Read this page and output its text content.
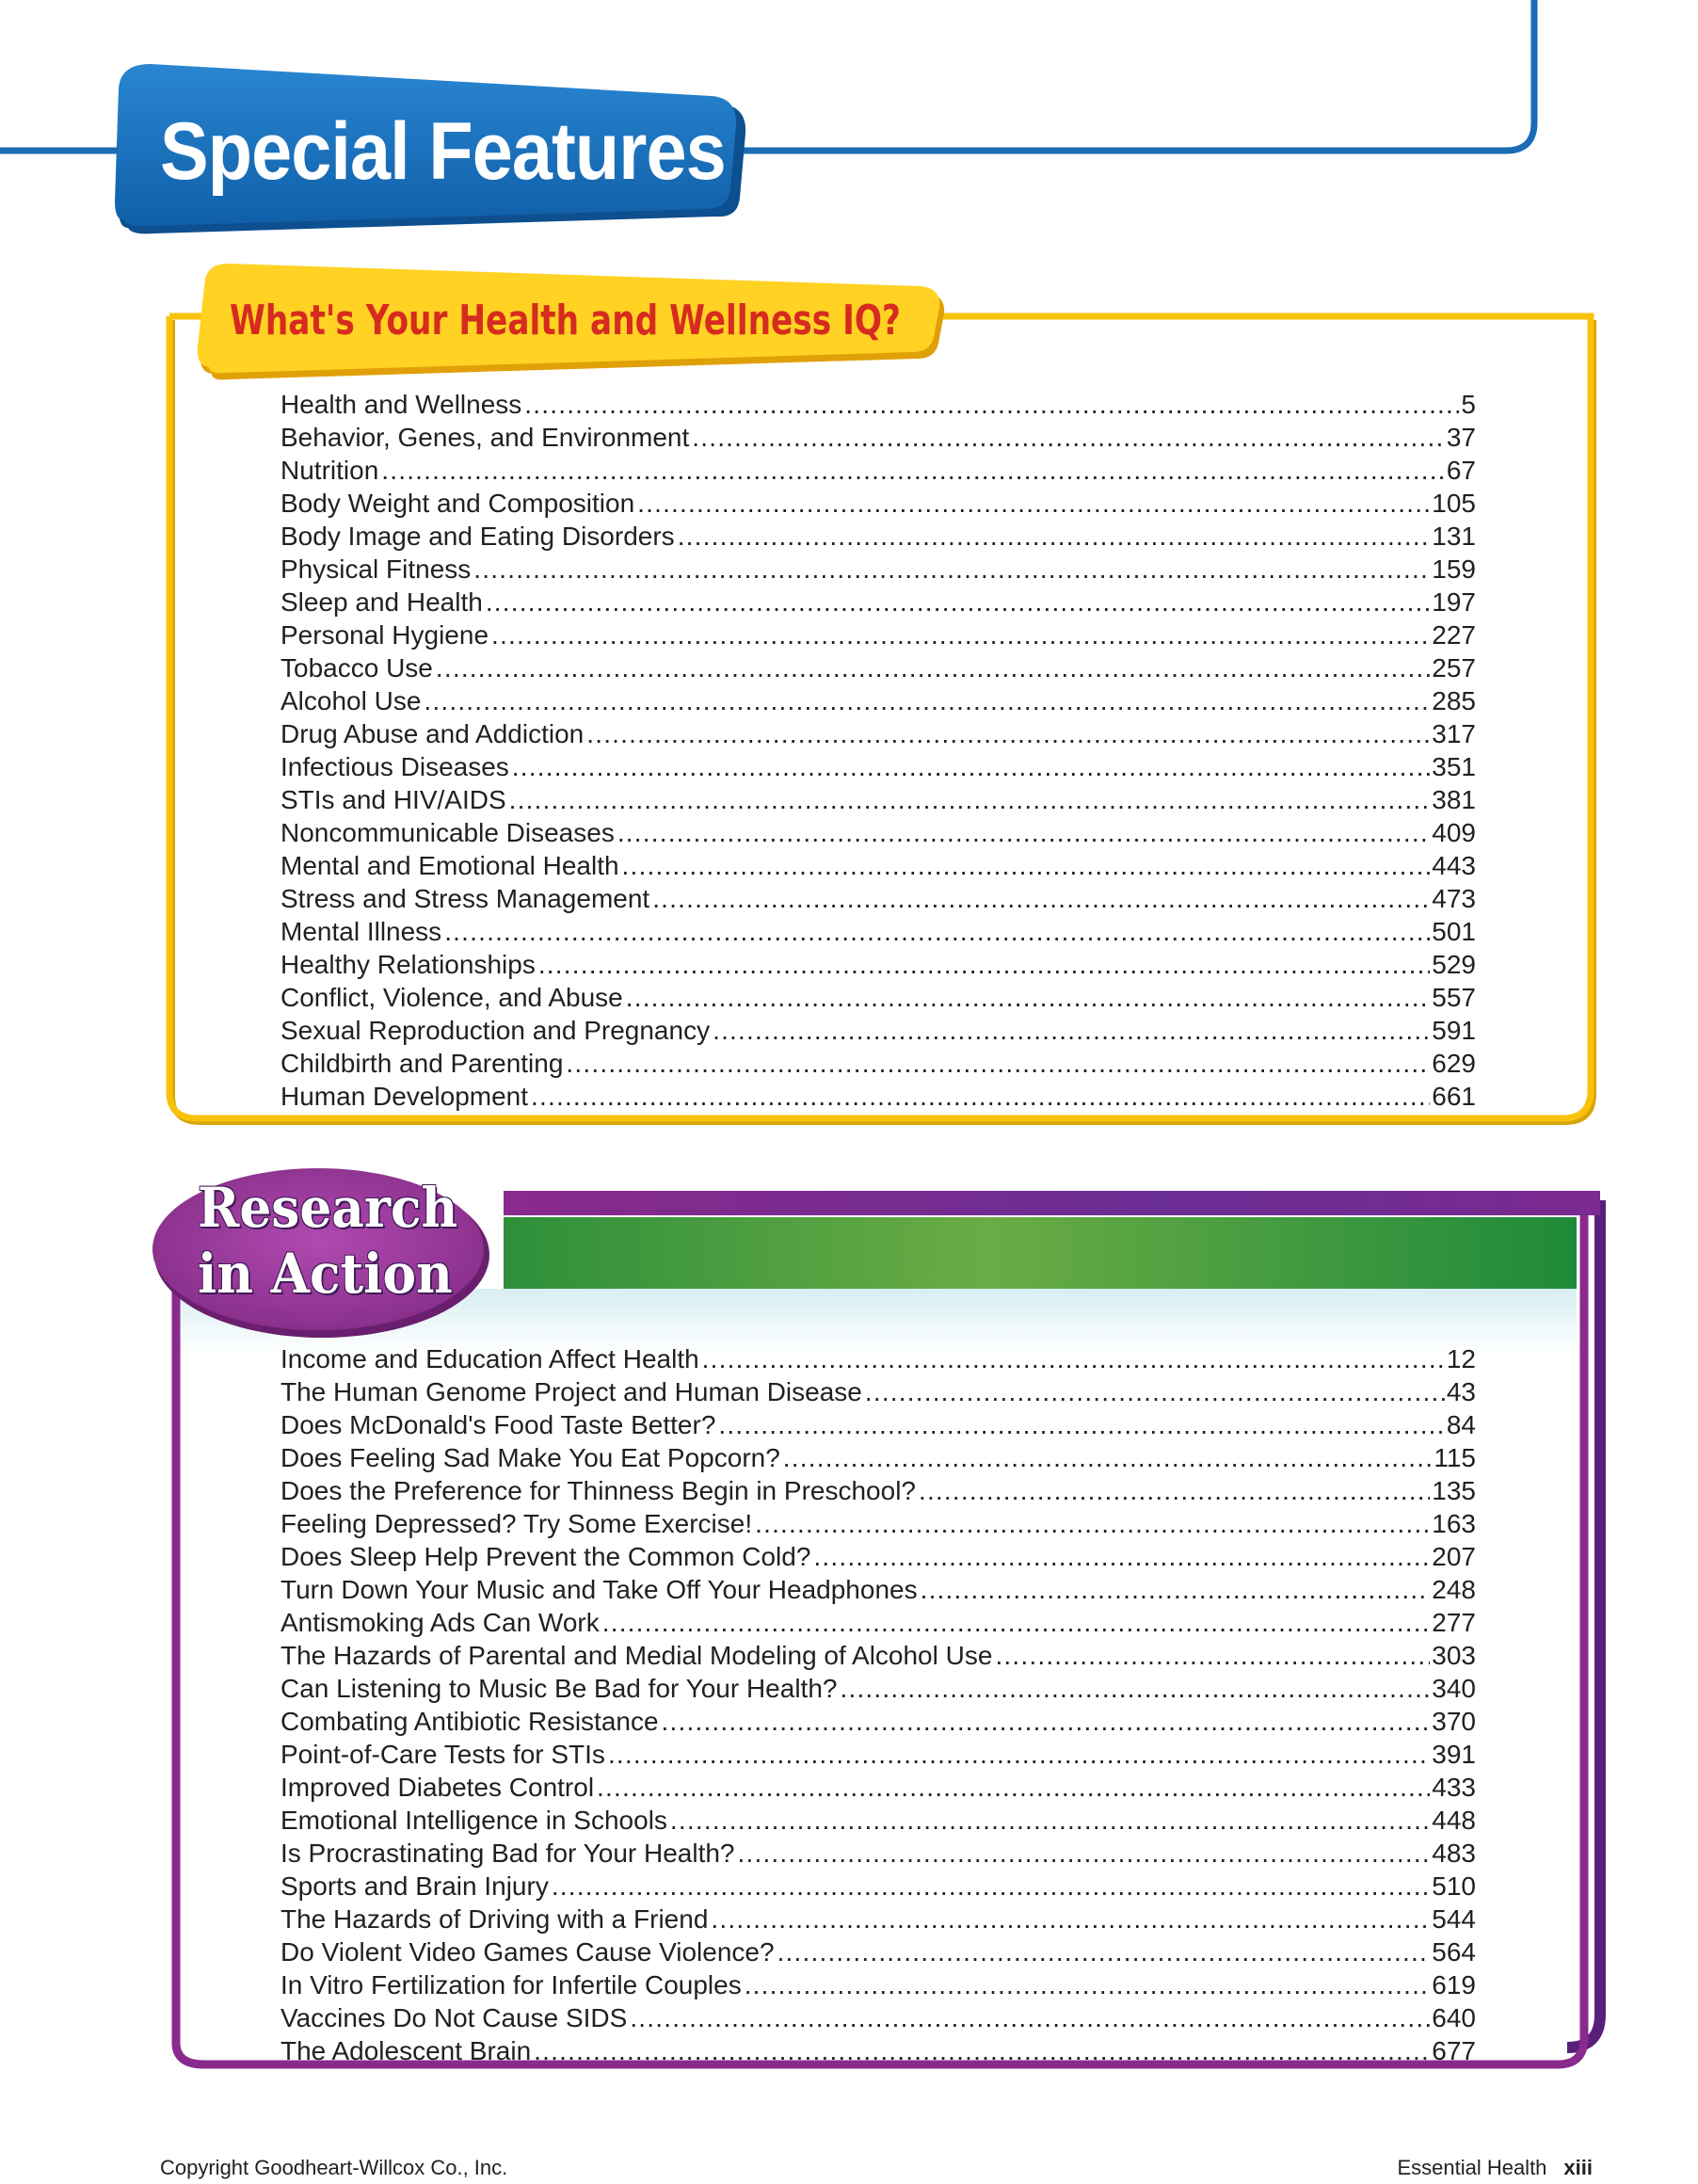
Special Features
What's Your Health and Wellness IQ?
Health and Wellness .....	5
Behavior, Genes, and Environment .....	37
Nutrition .....	67
Body Weight and Composition .....	105
Body Image and Eating Disorders .....	131
Physical Fitness .....	159
Sleep and Health .....	197
Personal Hygiene .....	227
Tobacco Use .....	257
Alcohol Use .....	285
Drug Abuse and Addiction .....	317
Infectious Diseases .....	351
STIs and HIV/AIDS .....	381
Noncommunicable Diseases .....	409
Mental and Emotional Health .....	443
Stress and Stress Management .....	473
Mental Illness .....	501
Healthy Relationships .....	529
Conflict, Violence, and Abuse .....	557
Sexual Reproduction and Pregnancy .....	591
Childbirth and Parenting .....	629
Human Development .....	661
Research
in Action
Income and Education Affect Health .....	12
The Human Genome Project and Human Disease .....	43
Does McDonald's Food Taste Better? .....	84
Does Feeling Sad Make You Eat Popcorn? .....	115
Does the Preference for Thinness Begin in Preschool? .....	135
Feeling Depressed? Try Some Exercise! .....	163
Does Sleep Help Prevent the Common Cold? .....	207
Turn Down Your Music and Take Off Your Headphones .....	248
Antismoking Ads Can Work .....	277
The Hazards of Parental and Medial Modeling of Alcohol Use .....	303
Can Listening to Music Be Bad for Your Health? .....	340
Combating Antibiotic Resistance .....	370
Point-of-Care Tests for STIs .....	391
Improved Diabetes Control .....	433
Emotional Intelligence in Schools .....	448
Is Procrastinating Bad for Your Health? .....	483
Sports and Brain Injury .....	510
The Hazards of Driving with a Friend .....	544
Do Violent Video Games Cause Violence? .....	564
In Vitro Fertilization for Infertile Couples .....	619
Vaccines Do Not Cause SIDS .....	640
The Adolescent Brain .....	677
Copyright Goodheart-Willcox Co., Inc.	Essential Health xiii
